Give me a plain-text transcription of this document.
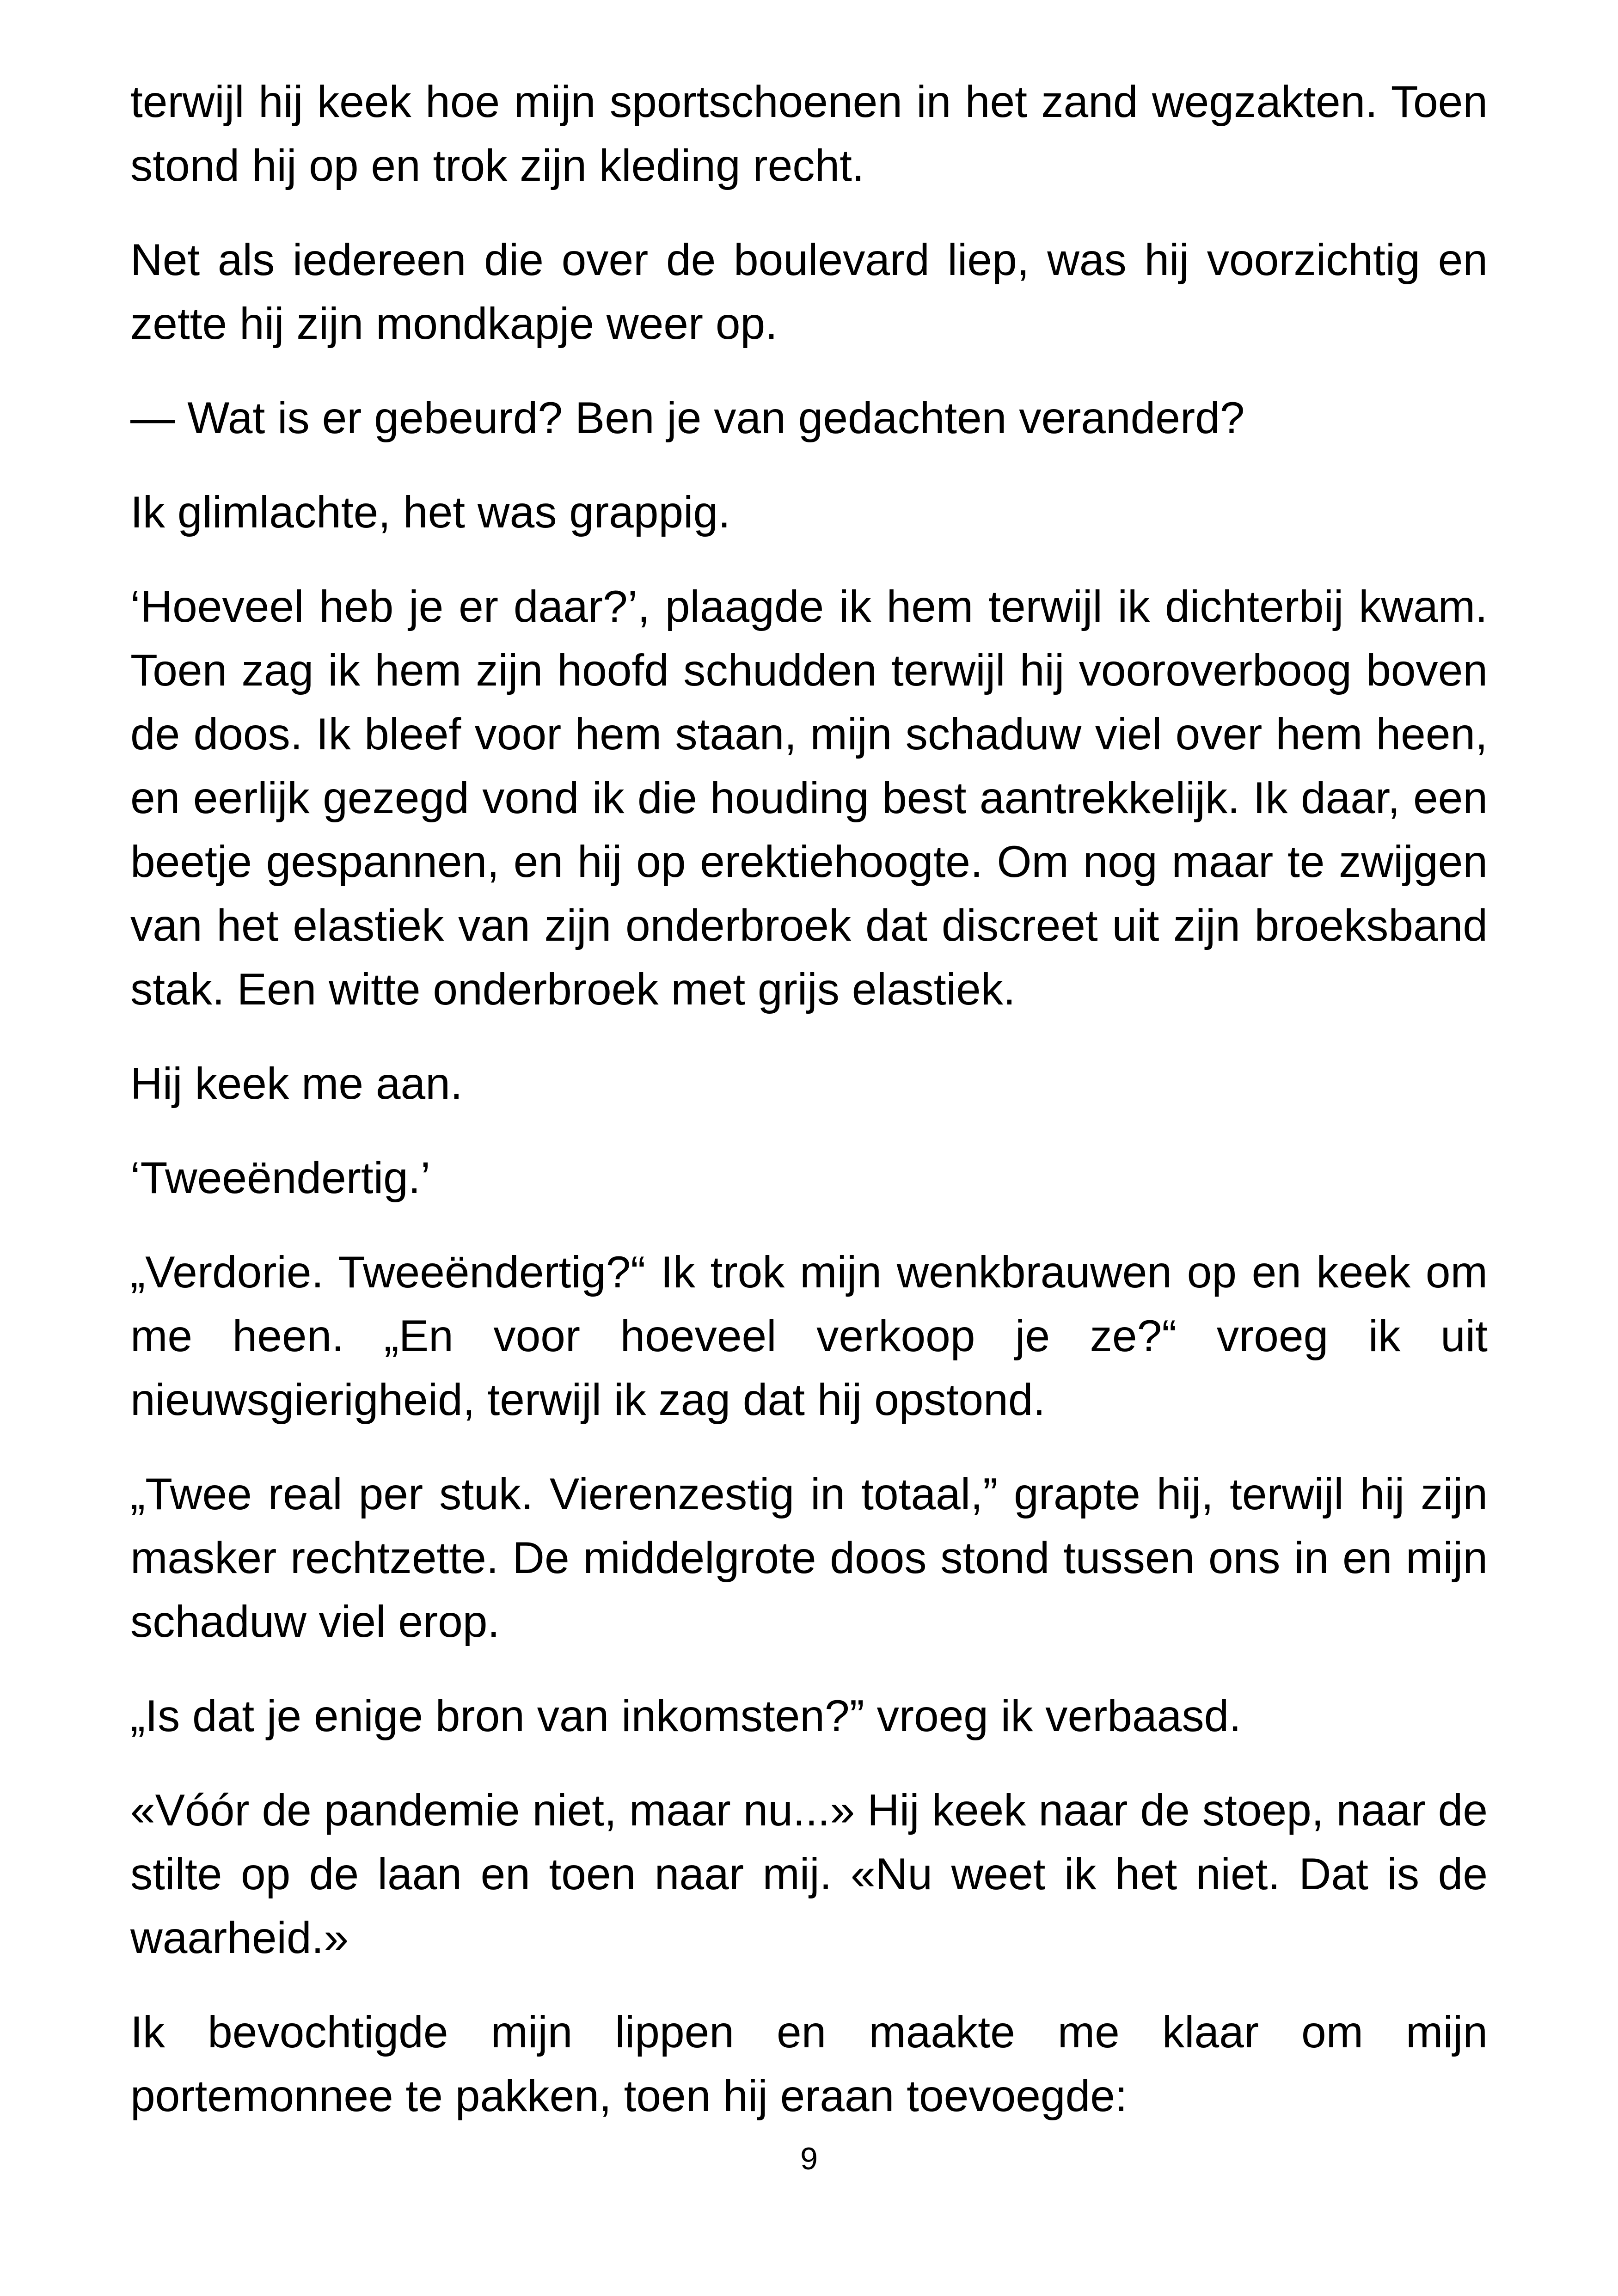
terwijl hij keek hoe mijn sportschoenen in het zand wegzakten. Toen stond hij op en trok zijn kleding recht.

Net als iedereen die over de boulevard liep, was hij voorzichtig en zette hij zijn mondkapje weer op.

— Wat is er gebeurd? Ben je van gedachten veranderd?

Ik glimlachte, het was grappig.

‘Hoeveel heb je er daar?’, plaagde ik hem terwijl ik dichterbij kwam. Toen zag ik hem zijn hoofd schudden terwijl hij vooroverboog boven de doos. Ik bleef voor hem staan, mijn schaduw viel over hem heen, en eerlijk gezegd vond ik die houding best aantrekkelijk. Ik daar, een beetje gespannen, en hij op erektiehoogte. Om nog maar te zwijgen van het elastiek van zijn onderbroek dat discreet uit zijn broeksband stak. Een witte onderbroek met grijs elastiek.

Hij keek me aan.

‘Tweeëndertig.’

„Verdorie. Tweeëndertig?“ Ik trok mijn wenkbrauwen op en keek om me heen. „En voor hoeveel verkoop je ze?“ vroeg ik uit nieuwsgierigheid, terwijl ik zag dat hij opstond.

„Twee real per stuk. Vierenzestig in totaal,” grapte hij, terwijl hij zijn masker rechtzette. De middelgrote doos stond tussen ons in en mijn schaduw viel erop.

„Is dat je enige bron van inkomsten?” vroeg ik verbaasd.

«Vóór de pandemie niet, maar nu...» Hij keek naar de stoep, naar de stilte op de laan en toen naar mij. «Nu weet ik het niet. Dat is de waarheid.»

Ik bevochtigde mijn lippen en maakte me klaar om mijn portemonnee te pakken, toen hij eraan toevoegde:

9
